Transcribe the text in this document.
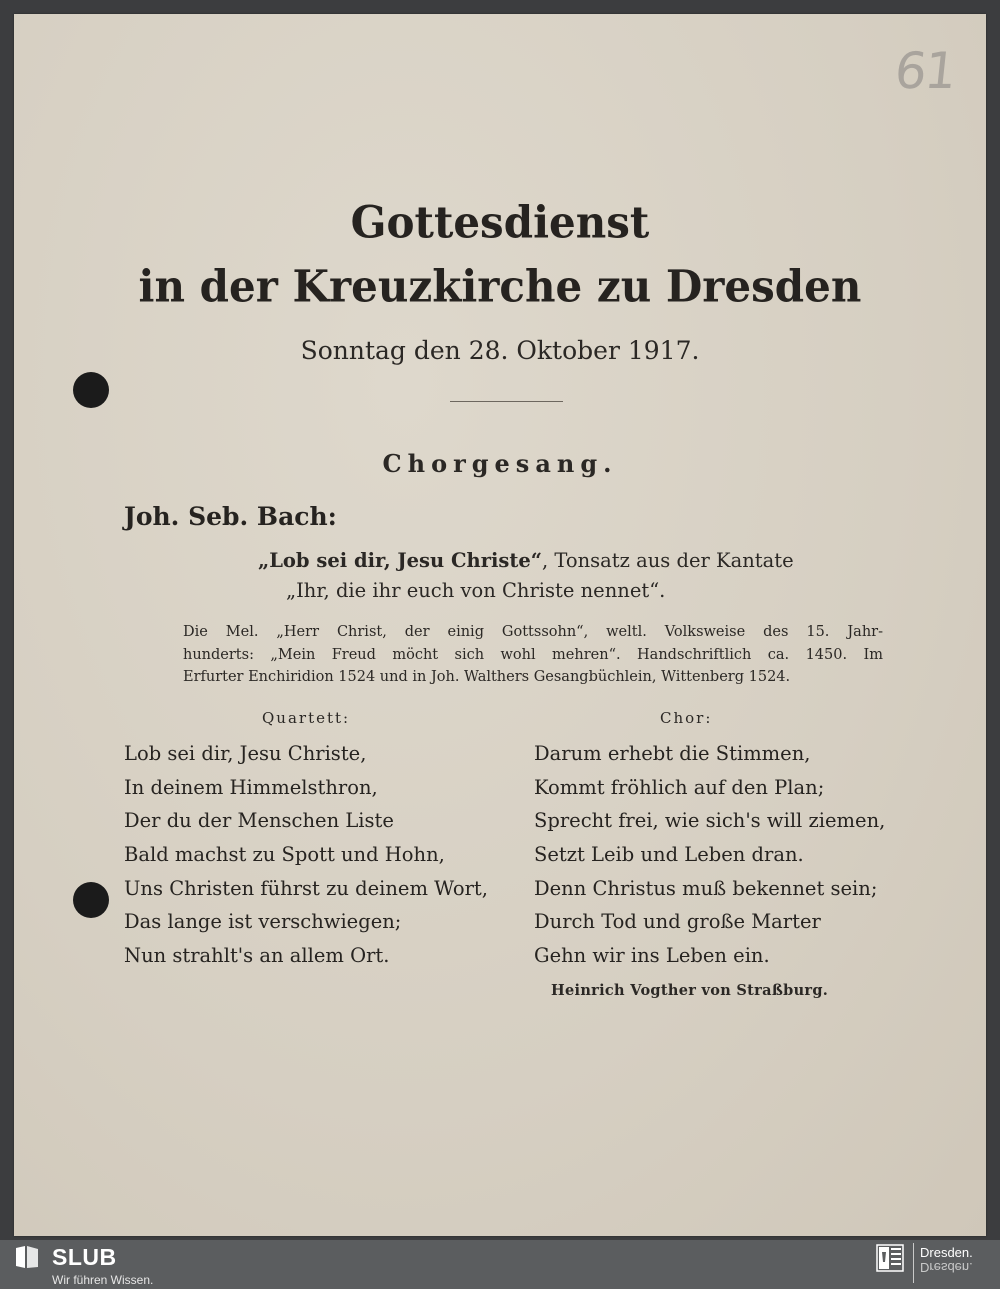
61
Gottesdienst
in der Kreuzkirche zu Dresden
Sonntag den 28. Oktober 1917.
Chorgesang.
Joh. Seb. Bach:
„Lob sei dir, Jesu Christe“, Tonsatz aus der Kantate
„Ihr, die ihr euch von Christe nennet“.
Die Mel. „Herr Christ, der einig Gottssohn“, weltl. Volksweise des 15. Jahr-
hunderts: „Mein Freud möcht sich wohl mehren“. Handschriftlich ca. 1450. Im
Erfurter Enchiridion 1524 und in Joh. Walthers Gesangbüchlein, Wittenberg 1524.
Quartett:	Chor:
Lob sei dir, Jesu Christe,
In deinem Himmelsthron,
Der du der Menschen Liste
Bald machst zu Spott und Hohn,
Uns Christen führst zu deinem Wort,
Das lange ist verschwiegen;
Nun strahlt's an allem Ort.
Darum erhebt die Stimmen,
Kommt fröhlich auf den Plan;
Sprecht frei, wie sich's will ziemen,
Setzt Leib und Leben dran.
Denn Christus muß bekennet sein;
Durch Tod und große Marter
Gehn wir ins Leben ein.
Heinrich Vogther von Straßburg.
SLUB
Wir führen Wissen.
Dresden.
Dresden.
